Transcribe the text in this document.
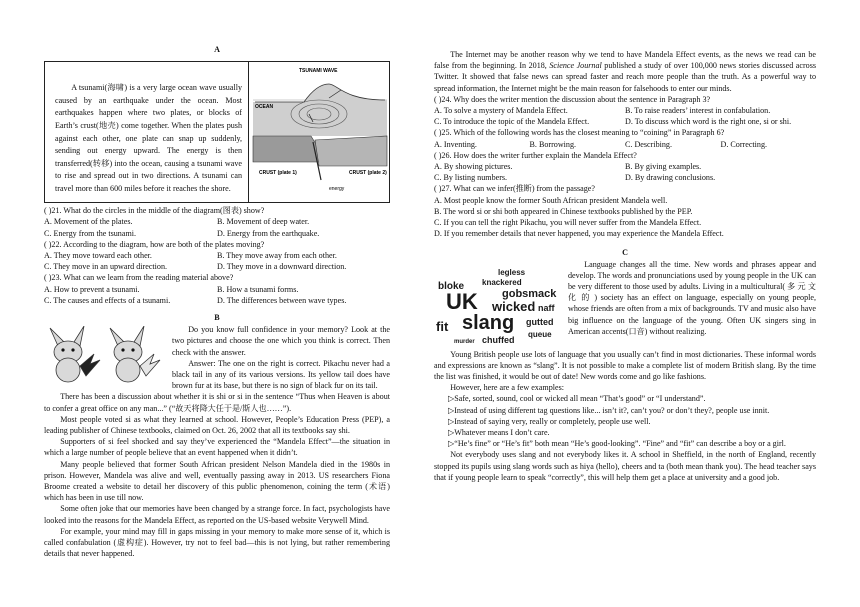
A

A tsunami(海啸) is a very large ocean wave usually caused by an earthquake under the ocean. Most earthquakes happen where two plates, or blocks of Earth’s crust(地壳) come together. When the plates push against each other, one plate can snap up suddenly, sending out energy upward. The energy is then transferred(转移) into the ocean, causing a tsunami wave to rise and spread out in two directions. A tsunami can travel more than 600 miles before it reaches the shore.

TSUNAMI WAVE
OCEAN
CRUST (plate 1)	CRUST (plate 2)
energy

( )21. What do the circles in the middle of the diagram(图表) show?

A. Movement of the plates.	B. Movement of deep water.
C. Energy from the tsunami.	D. Energy from the earthquake.

( )22. According to the diagram, how are both of the plates moving?

A. They move toward each other.	B. They move away from each other.
C. They move in an upward direction.	D. They move in a downward direction.

( )23. What can we learn from the reading material above?

A. How to prevent a tsunami.	B. How a tsunami forms.
C. The causes and effects of a tsunami.	D. The differences between wave types.

B

Do you know full confidence in your memory? Look at the two pictures and choose the one which you think is correct. Then check with the answer.

Answer: The one on the right is correct. Pikachu never had a black tail in any of its various versions. Its yellow tail does have brown fur at its base, but there is no sign of black fur on its tail.

There has been a discussion about whether it is shi or si in the sentence “Thus when Heaven is about to confer a great office on any man...” (“故天将降大任于是/斯人也……”).

Most people voted si as what they learned at school. However, People’s Education Press (PEP), a leading publisher of Chinese textbooks, claimed on Oct. 26, 2002 that all its textbooks say shi.

Supporters of si feel shocked and say they’ve experienced the “Mandela Effect”—the situation in which a large number of people believe that an event happened when it didn’t.

Many people believed that former South African president Nelson Mandela died in the 1980s in prison. However, Mandela was alive and well, eventually passing away in 2013. US researchers Fiona Broome created a website to detail her discovery of this public phenomenon, coining the term (术语) which has been in use till now.

Some often joke that our memories have been changed by a strange force. In fact, psychologists have looked into the reasons for the Mandela Effect, as reported on the US-based website Verywell Mind.

For example, your mind may fill in gaps missing in your memory to make more sense of it, which is called confabulation (虚构症). However, try not to feel bad—this is not lying, but rather remembering details that never happened.

The Internet may be another reason why we tend to have Mandela Effect events, as the news we read can be false from the beginning. In 2018, Science Journal published a study of over 100,000 news stories discussed across Twitter. It showed that false news can spread faster and reach more people than the truth. As a powerful way to spread information, the Internet might be the main reason for falsehoods to enter our minds.

( )24. Why does the writer mention the discussion about the sentence in Paragraph 3?

A. To solve a mystery of Mandela Effect.	B. To raise readers’ interest in confabulation.
C. To introduce the topic of the Mandela Effect.	D. To discuss which word is the right one, si or shi.

( )25. Which of the following words has the closest meaning to “coining” in Paragraph 6?

A. Inventing.	B. Borrowing.	C. Describing.	D. Correcting.

( )26. How does the writer further explain the Mandela Effect?

A. By showing pictures.	B. By giving examples.
C. By listing numbers.	D. By drawing conclusions.

( )27. What can we infer(推断) from the passage?

A. Most people know the former South African president Mandela well.

B. The word si or shi both appeared in Chinese textbooks published by the PEP.

C. If you can tell the right Pikachu, you will never suffer from the Mandela Effect.

D. If you remember details that never happened, you may experience the Mandela Effect.

C

legless
knackered
bloke
UK gobsmack
wicked naff
slang
fit
chuffed
gutted
murder
queue

Language changes all the time. New words and phrases appear and develop. The words and pronunciations used by young people in the UK can be very different to those used by adults. Living in a multicultural( 多 元 文 化 的 ) society has an effect on language, especially on young people, whose friends are often from a mix of backgrounds. TV and music also have big influence on the language of the young. Often UK singers sing in American accents(口音) without realizing.

Young British people use lots of language that you usually can’t find in most dictionaries. These informal words and expressions are known as “slang”. It is not possible to make a complete list of modern British slang. By the time the list was finished, it would be out of date! New words come and go like fashions.

However, here are a few examples:

▷Safe, sorted, sound, cool or wicked all mean “That’s good” or “I understand”.

▷Instead of using different tag questions like... isn’t it?, can’t you? or don’t they?, people use innit.

▷Instead of saying very, really or completely, people use well.

▷Whatever means I don’t care.

▷“He’s fine” or “He’s fit” both mean “He’s good-looking”. “Fine” and “fit” can describe a boy or a girl.

Not everybody uses slang and not everybody likes it. A school in Sheffield, in the north of England, recently stopped its pupils using slang words such as hiya (hello), cheers and ta (both mean thank you). The head teacher says that if young people learn to speak “correctly”, this will help them get a place at university and a good job.
